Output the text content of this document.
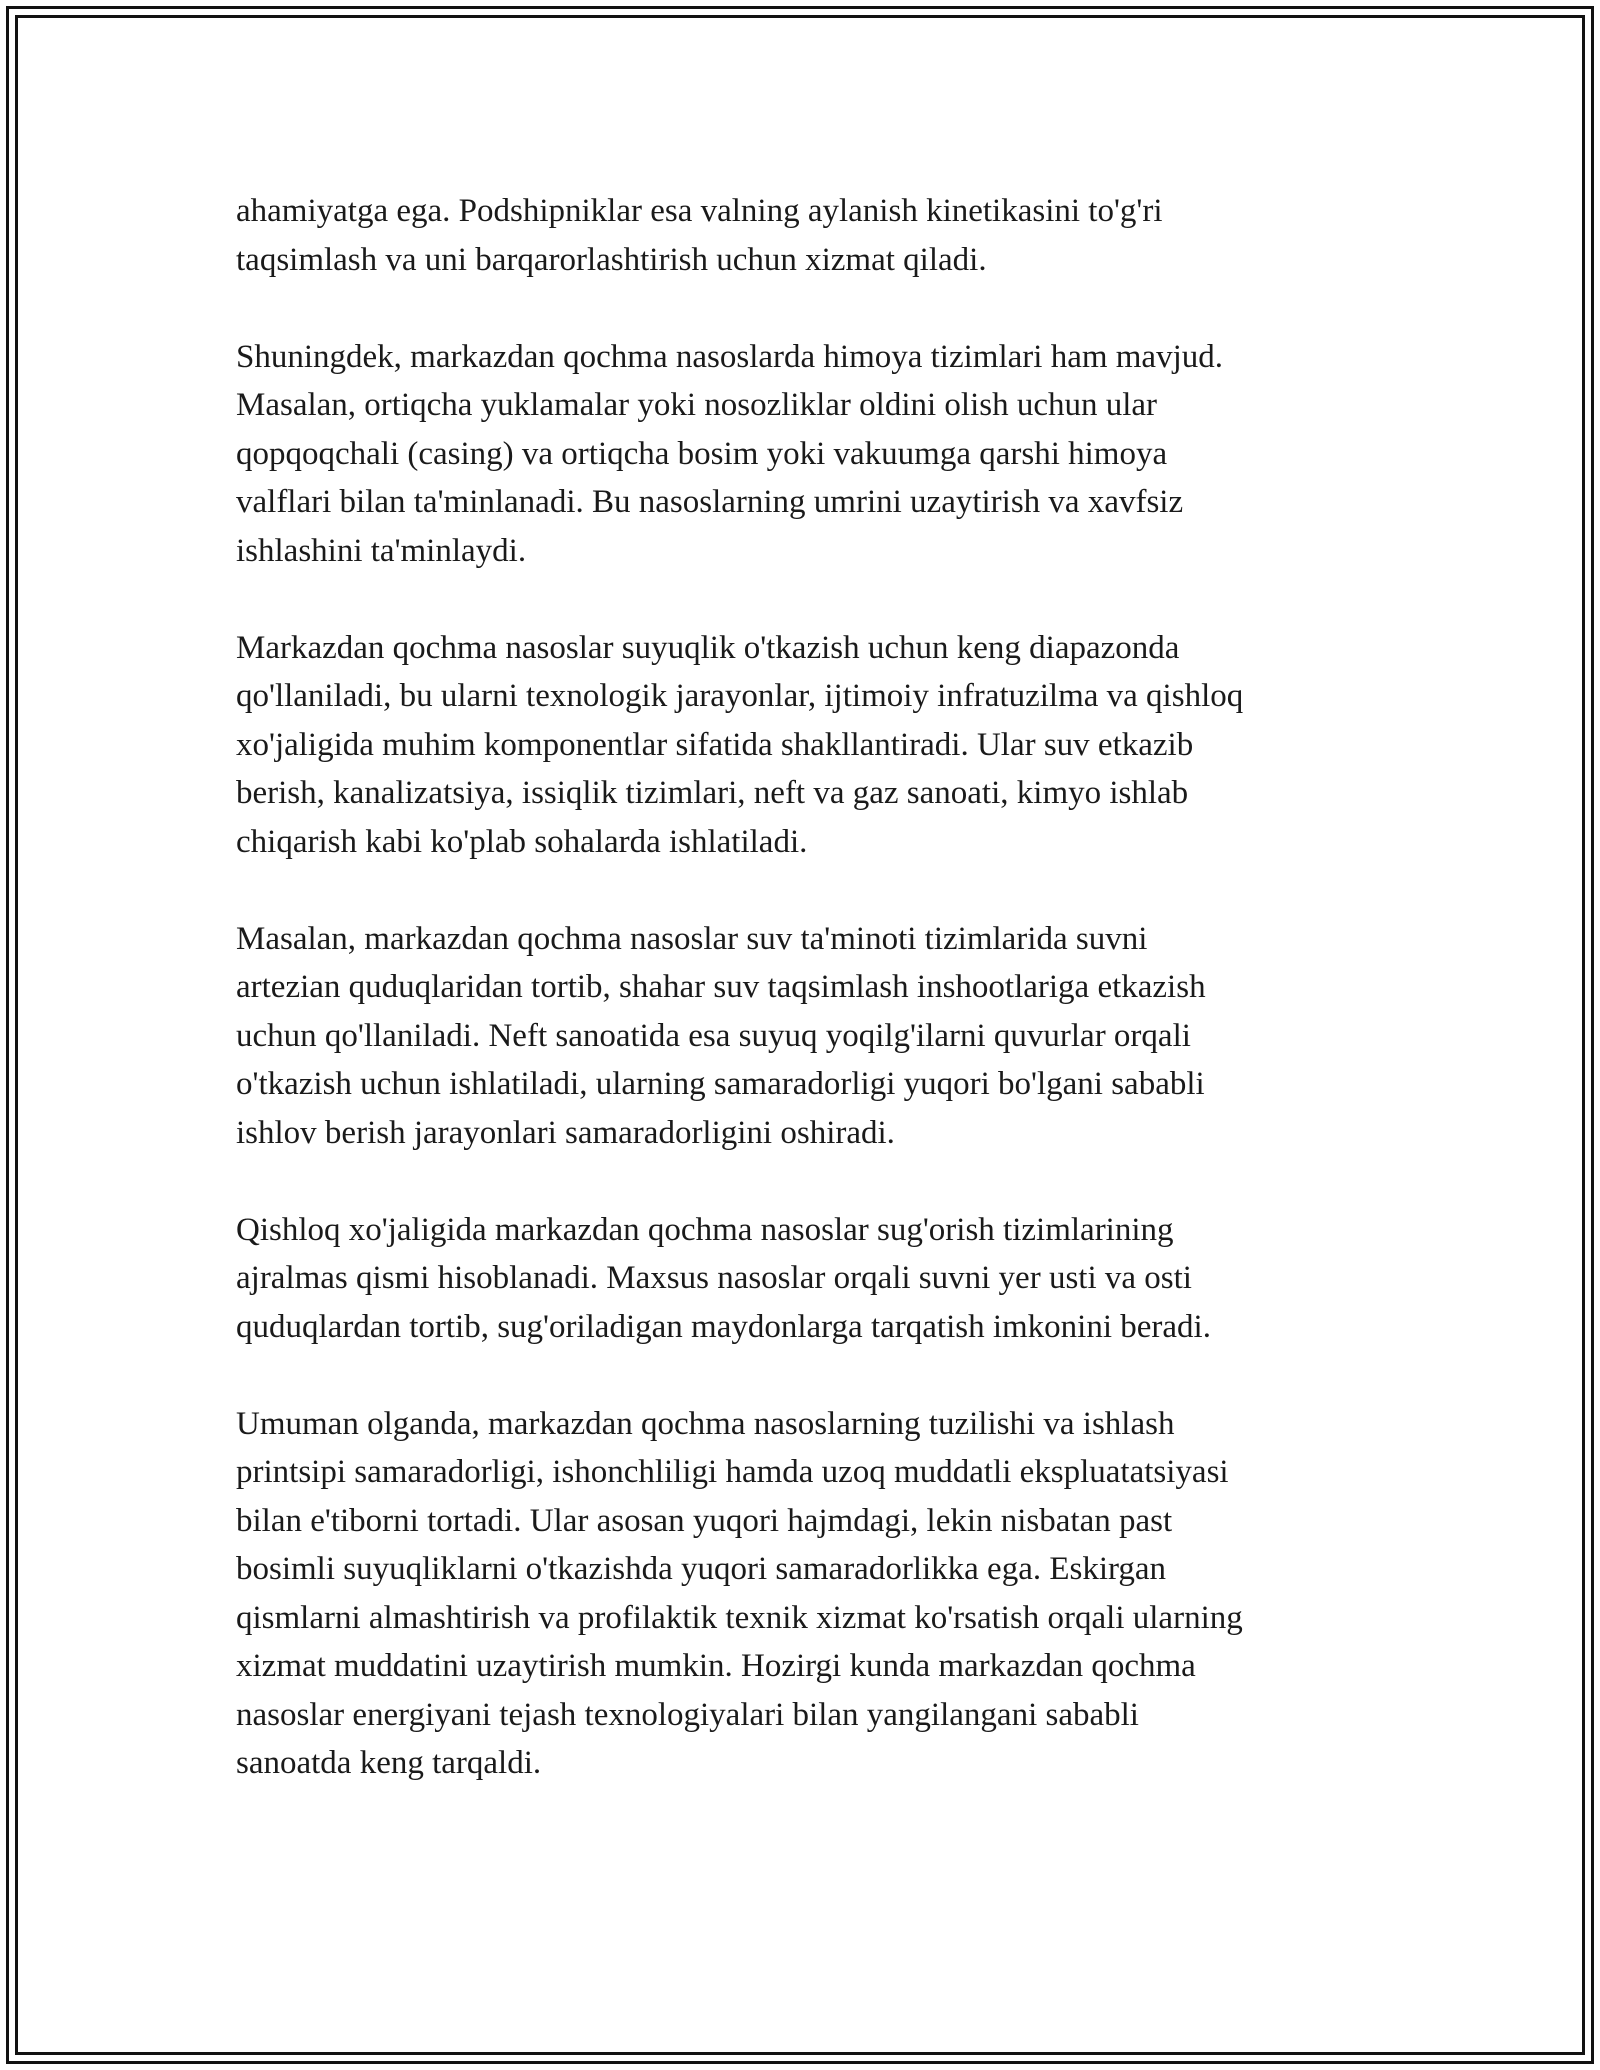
ahamiyatga ega. Podshipniklar esa valning aylanish kinetikasini to'g'ri
taqsimlash va uni barqarorlashtirish uchun xizmat qiladi.

Shuningdek, markazdan qochma nasoslarda himoya tizimlari ham mavjud.
Masalan, ortiqcha yuklamalar yoki nosozliklar oldini olish uchun ular
qopqoqchali (casing) va ortiqcha bosim yoki vakuumga qarshi himoya
valflari bilan ta'minlanadi. Bu nasoslarning umrini uzaytirish va xavfsiz
ishlashini ta'minlaydi.

Markazdan qochma nasoslar suyuqlik o'tkazish uchun keng diapazonda
qo'llaniladi, bu ularni texnologik jarayonlar, ijtimoiy infratuzilma va qishloq
xo'jaligida muhim komponentlar sifatida shakllantiradi. Ular suv etkazib
berish, kanalizatsiya, issiqlik tizimlari, neft va gaz sanoati, kimyo ishlab
chiqarish kabi ko'plab sohalarda ishlatiladi.

Masalan, markazdan qochma nasoslar suv ta'minoti tizimlarida suvni
artezian quduqlaridan tortib, shahar suv taqsimlash inshootlariga etkazish
uchun qo'llaniladi. Neft sanoatida esa suyuq yoqilg'ilarni quvurlar orqali
o'tkazish uchun ishlatiladi, ularning samaradorligi yuqori bo'lgani sababli
ishlov berish jarayonlari samaradorligini oshiradi.

Qishloq xo'jaligida markazdan qochma nasoslar sug'orish tizimlarining
ajralmas qismi hisoblanadi. Maxsus nasoslar orqali suvni yer usti va osti
quduqlardan tortib, sug'oriladigan maydonlarga tarqatish imkonini beradi.

Umuman olganda, markazdan qochma nasoslarning tuzilishi va ishlash
printsipi samaradorligi, ishonchliligi hamda uzoq muddatli ekspluatatsiyasi
bilan e'tiborni tortadi. Ular asosan yuqori hajmdagi, lekin nisbatan past
bosimli suyuqliklarni o'tkazishda yuqori samaradorlikka ega. Eskirgan
qismlarni almashtirish va profilaktik texnik xizmat ko'rsatish orqali ularning
xizmat muddatini uzaytirish mumkin. Hozirgi kunda markazdan qochma
nasoslar energiyani tejash texnologiyalari bilan yangilangani sababli
sanoatda keng tarqaldi.
